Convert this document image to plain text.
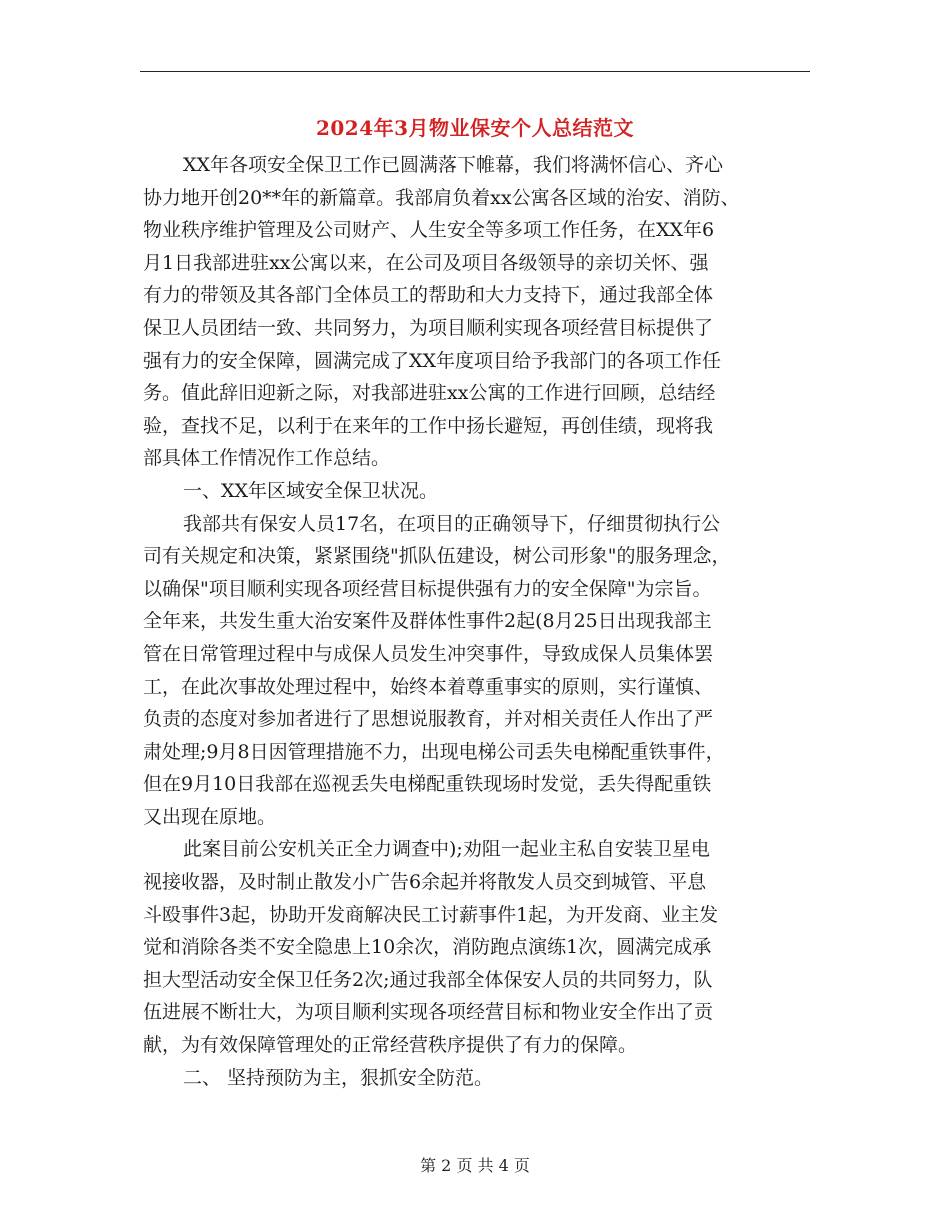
2024年3月物业保安个人总结范文
XX年各项安全保卫工作已圆满落下帷幕，我们将满怀信心、齐心
协力地开创20**年的新篇章。我部肩负着xx公寓各区域的治安、消防、
物业秩序维护管理及公司财产、人生安全等多项工作任务，在XX年6
月1日我部进驻xx公寓以来，在公司及项目各级领导的亲切关怀、强
有力的带领及其各部门全体员工的帮助和大力支持下，通过我部全体
保卫人员团结一致、共同努力，为项目顺利实现各项经营目标提供了
强有力的安全保障，圆满完成了XX年度项目给予我部门的各项工作任
务。值此辞旧迎新之际，对我部进驻xx公寓的工作进行回顾，总结经
验，查找不足，以利于在来年的工作中扬长避短，再创佳绩，现将我
部具体工作情况作工作总结。
一、XX年区域安全保卫状况。
我部共有保安人员17名，在项目的正确领导下，仔细贯彻执行公
司有关规定和决策，紧紧围绕"抓队伍建设，树公司形象"的服务理念，
以确保"项目顺利实现各项经营目标提供强有力的安全保障"为宗旨。
全年来，共发生重大治安案件及群体性事件2起(8月25日出现我部主
管在日常管理过程中与成保人员发生冲突事件，导致成保人员集体罢
工，在此次事故处理过程中，始终本着尊重事实的原则，实行谨慎、
负责的态度对参加者进行了思想说服教育，并对相关责任人作出了严
肃处理;9月8日因管理措施不力，出现电梯公司丢失电梯配重铁事件，
但在9月10日我部在巡视丢失电梯配重铁现场时发觉，丢失得配重铁
又出现在原地。
此案目前公安机关正全力调查中);劝阻一起业主私自安装卫星电
视接收器，及时制止散发小广告6余起并将散发人员交到城管、平息
斗殴事件3起，协助开发商解决民工讨薪事件1起，为开发商、业主发
觉和消除各类不安全隐患上10余次，消防跑点演练1次，圆满完成承
担大型活动安全保卫任务2次;通过我部全体保安人员的共同努力，队
伍进展不断壮大，为项目顺利实现各项经营目标和物业安全作出了贡
献，为有效保障管理处的正常经营秩序提供了有力的保障。
二、 坚持预防为主，狠抓安全防范。
第 2 页 共 4 页
